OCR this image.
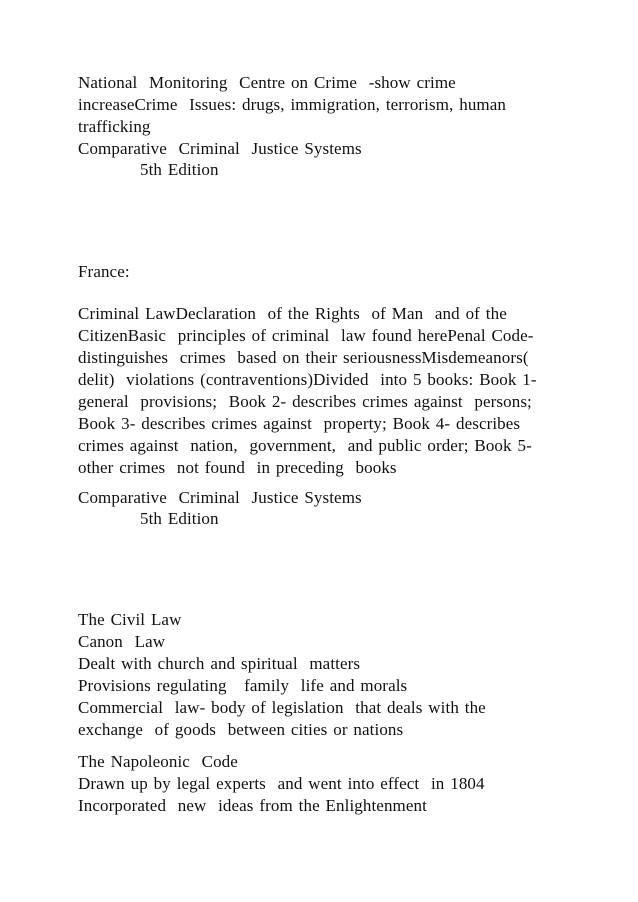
National  Monitoring  Centre on Crime  -show crime
increaseCrime  Issues: drugs, immigration, terrorism, human
trafficking
Comparative  Criminal  Justice Systems
5th Edition
France:
Criminal LawDeclaration  of the Rights  of Man  and of the
CitizenBasic  principles of criminal  law found herePenal Code-
distinguishes  crimes  based on their seriousnessMisdemeanors(
delit)  violations (contraventions)Divided  into 5 books: Book 1-
general  provisions;  Book 2- describes crimes against  persons;
Book 3- describes crimes against  property; Book 4- describes
crimes against  nation,  government,  and public order; Book 5-
other crimes  not found  in preceding  books
Comparative  Criminal  Justice Systems
5th Edition
The Civil Law
Canon  Law
Dealt with church and spiritual  matters
Provisions regulating   family  life and morals
Commercial  law- body of legislation  that deals with the
exchange  of goods  between cities or nations
The Napoleonic  Code
Drawn up by legal experts  and went into effect  in 1804
Incorporated  new  ideas from the Enlightenment
